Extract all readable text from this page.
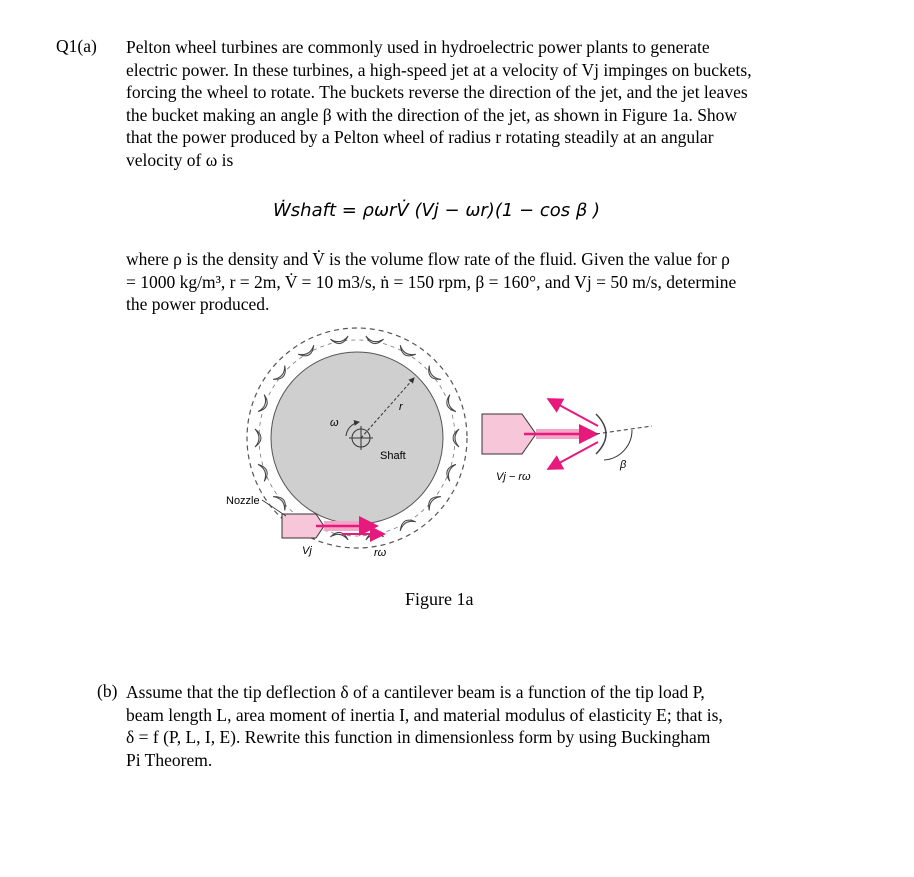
Q1(a) Pelton wheel turbines are commonly used in hydroelectric power plants to generate
electric power. In these turbines, a high-speed jet at a velocity of Vj impinges on buckets,
forcing the wheel to rotate. The buckets reverse the direction of the jet, and the jet leaves
the bucket making an angle β with the direction of the jet, as shown in Figure 1a. Show
that the power produced by a Pelton wheel of radius r rotating steadily at an angular
velocity of ω is
Ẇshaft = ρωrV̇ (Vj − ωr)(1 − cos β )
where ρ is the density and V̇ is the volume flow rate of the fluid. Given the value for ρ
= 1000 kg/m³, r = 2m, V̇ = 10 m3/s, ṅ = 150 rpm, β = 160°, and Vj = 50 m/s, determine
the power produced.
Shaft
r
ω
Nozzle
Vj	rω
β
Vj − rω
Figure 1a
(b) Assume that the tip deflection δ of a cantilever beam is a function of the tip load P,
beam length L, area moment of inertia I, and material modulus of elasticity E; that is,
δ = f (P, L, I, E). Rewrite this function in dimensionless form by using Buckingham
Pi Theorem.
